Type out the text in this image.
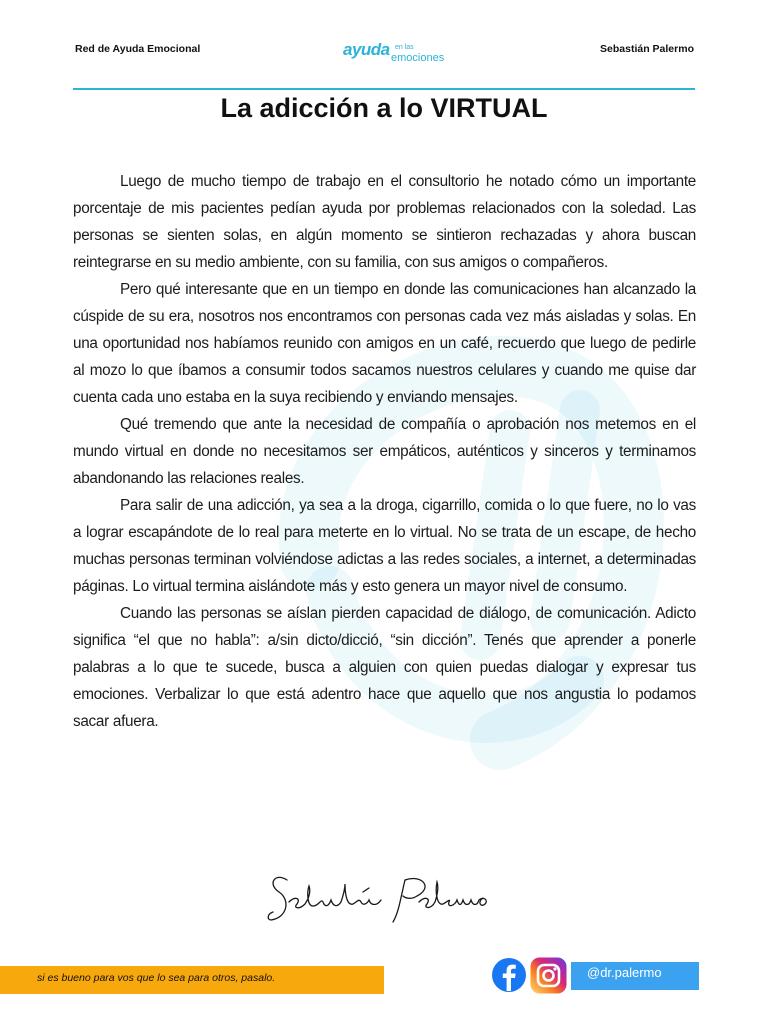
Red de Ayuda Emocional	ayuda en las
emociones
Sebastián Palermo
La adicción a lo VIRTUAL

Luego de mucho tiempo de trabajo en el consultorio he notado cómo un importante porcentaje de mis pacientes pedían ayuda por problemas relacionados con la soledad. Las personas se sienten solas, en algún momento se sintieron rechazadas y ahora buscan reintegrarse en su medio ambiente, con su familia, con sus amigos o compañeros.

Pero qué interesante que en un tiempo en donde las comunicaciones han alcanzado la cúspide de su era, nosotros nos encontramos con personas cada vez más aisladas y solas. En una oportunidad nos habíamos reunido con amigos en un café, recuerdo que luego de pedirle al mozo lo que íbamos a consumir todos sacamos nuestros celulares y cuando me quise dar cuenta cada uno estaba en la suya recibiendo y enviando mensajes.

Qué tremendo que ante la necesidad de compañía o aprobación nos metemos en el mundo virtual en donde no necesitamos ser empáticos, auténticos y sinceros y terminamos abandonando las relaciones reales.

Para salir de una adicción, ya sea a la droga, cigarrillo, comida o lo que fuere, no lo vas a lograr escapándote de lo real para meterte en lo virtual. No se trata de un escape, de hecho muchas personas terminan volviéndose adictas a las redes sociales, a internet, a determinadas páginas. Lo virtual termina aislándote más y esto genera un mayor nivel de consumo.

Cuando las personas se aíslan pierden capacidad de diálogo, de comunicación. Adicto significa “el que no habla”: a/sin dicto/dicció, “sin dicción”. Tenés que aprender a ponerle palabras a lo que te sucede, busca a alguien con quien puedas dialogar y expresar tus emociones. Verbalizar lo que está adentro hace que aquello que nos angustia lo podamos sacar afuera.

si es bueno para vos que lo sea para otros, pasalo.	@dr.palermo
